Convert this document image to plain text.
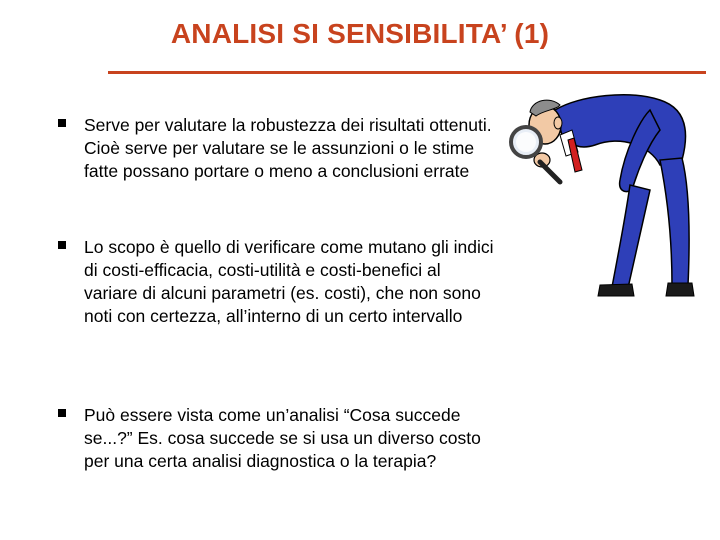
ANALISI SI SENSIBILITA’ (1)
Serve per valutare la robustezza dei risultati ottenuti. Cioè serve per valutare se le assunzioni o le stime fatte possano portare o meno a conclusioni errate
Lo scopo è quello di verificare come mutano gli indici di costi-efficacia, costi-utilità e costi-benefici al variare di alcuni parametri (es. costi), che non sono noti con certezza, all’interno di un certo intervallo
Può essere vista come un’analisi “Cosa succede se...?” Es. cosa succede se si usa un diverso costo per una certa analisi diagnostica o la terapia?
